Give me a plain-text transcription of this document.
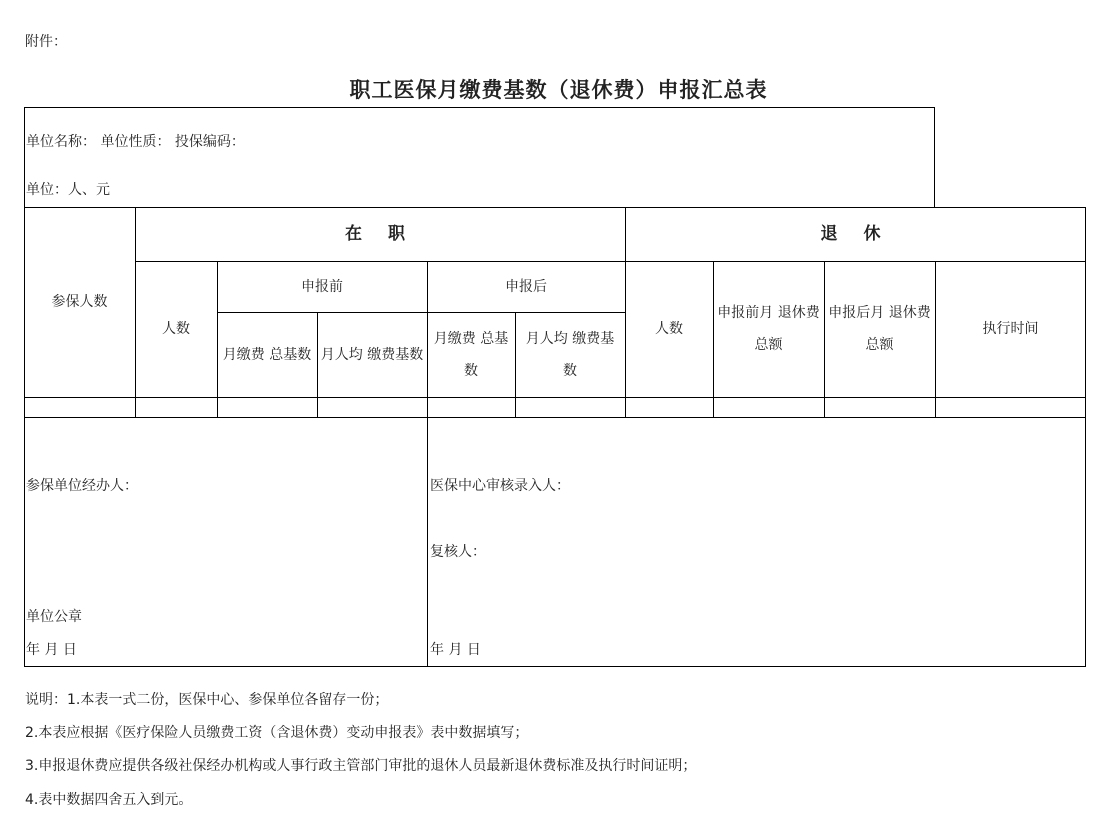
附件：
职工医保月缴费基数（退休费）申报汇总表
单位名称： 单位性质： 投保编码：
单位：人、元
参保人数
在 职	退 休
人数
申报前	申报后
月缴费 总基数 月人均 缴费基数
月缴费 总基数
月人均 缴费基数
人数
申报前月 退休费总额
申报后月 退休费总额
执行时间
参保单位经办人：
单位公章
年 月 日
医保中心审核录入人：
复核人：
年 月 日
说明：1.本表一式二份，医保中心、参保单位各留存一份；
2.本表应根据《医疗保险人员缴费工资（含退休费）变动申报表》表中数据填写；
3.申报退休费应提供各级社保经办机构或人事行政主管部门审批的退休人员最新退休费标准及执行时间证明；
4.表中数据四舍五入到元。
